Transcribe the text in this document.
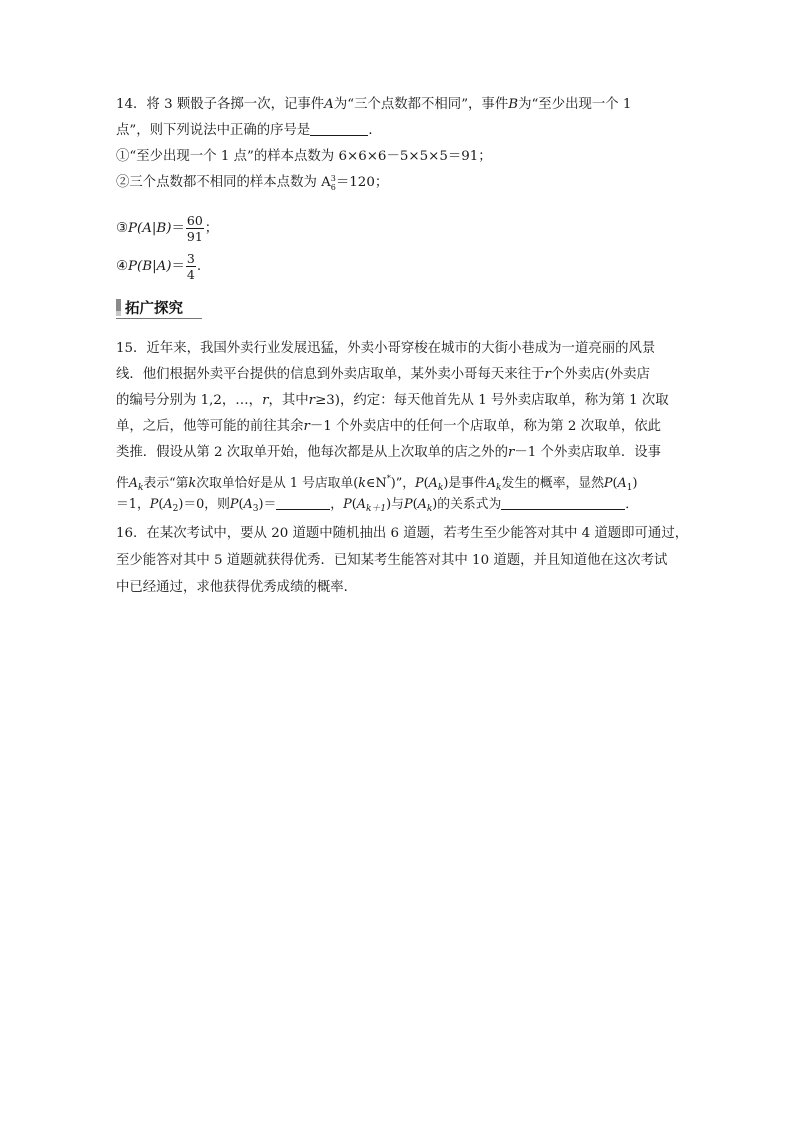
14．将 3 颗骰子各掷一次，记事件A为“三个点数都不相同”，事件B为“至少出现一个 1
点”，则下列说法中正确的序号是	．
①“至少出现一个 1 点”的样本点数为 6×6×6－5×5×5＝91；
②三个点数都不相同的样本点数为 A 3
6 ＝120；
③P(A|B)＝ $\frac{60}{91}$ ；
④P(B|A)＝ $\frac{3}{4}$ .
拓广探究
15．近年来，我国外卖行业发展迅猛，外卖小哥穿梭在城市的大街小巷成为一道亮丽的风景
线．他们根据外卖平台提供的信息到外卖店取单，某外卖小哥每天来往于r个外卖店(外卖店
的编号分别为 1,2，…，r，其中r≥3)，约定：每天他首先从 1 号外卖店取单，称为第 1 次取
单，之后，他等可能的前往其余r－1 个外卖店中的任何一个店取单，称为第 2 次取单，依此
类推．假设从第 2 次取单开始，他每次都是从上次取单的店之外的r－1 个外卖店取单．设事
件$A_k$表示“第k次取单恰好是从 1 号店取单(k∈N*)”，$P(A_k)$是事件$A_k$发生的概率，显然$P(A_1)$
＝1，$P(A_2)=0$，则$P(A_3)=$	，$P(A_{k+1})$与$P(A_k)$的关系式为	．
16．在某次考试中，要从 20 道题中随机抽出 6 道题，若考生至少能答对其中 4 道题即可通过，
至少能答对其中 5 道题就获得优秀．已知某考生能答对其中 10 道题，并且知道他在这次考试
中已经通过，求他获得优秀成绩的概率．
